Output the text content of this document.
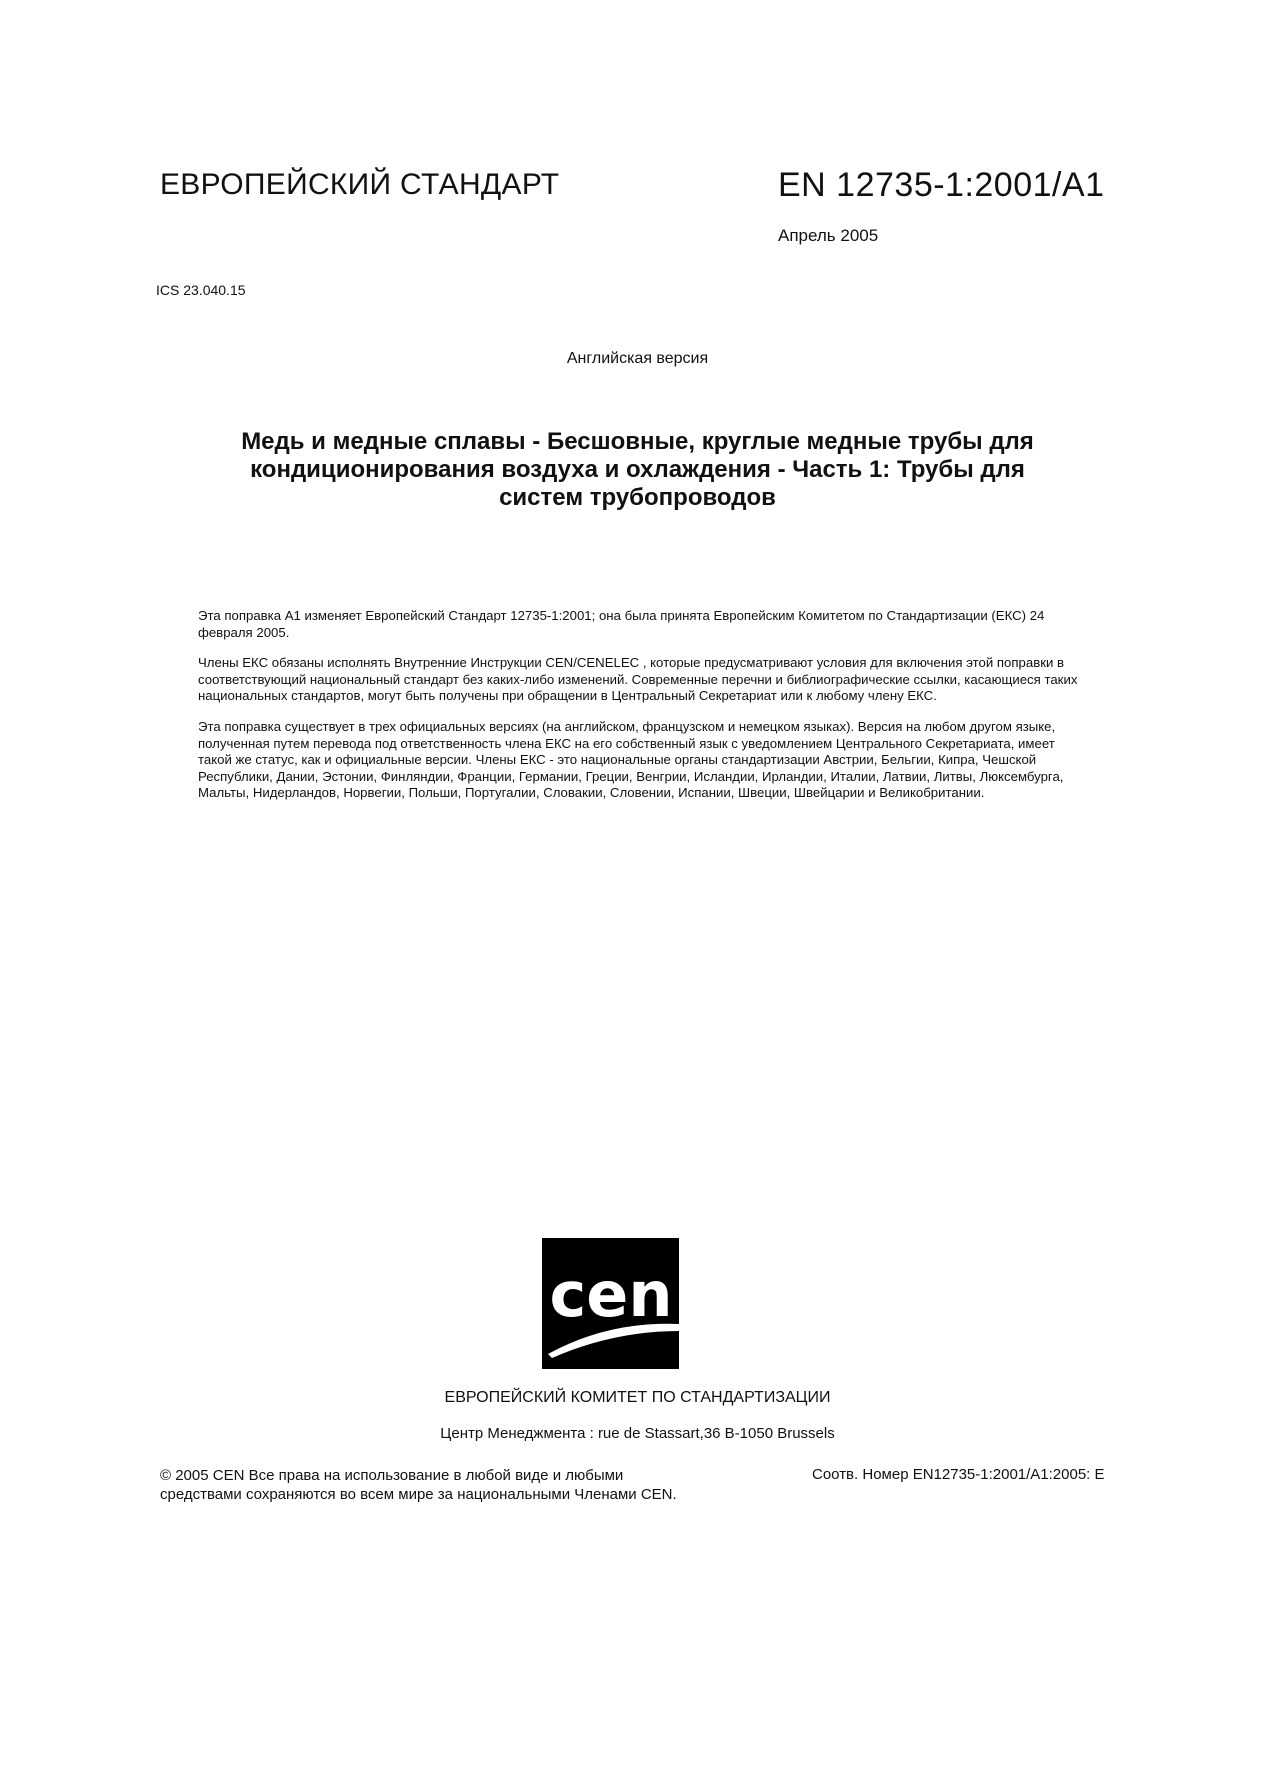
ЕВРОПЕЙСКИЙ СТАНДАРТ	EN 12735-1:2001/A1
Апрель 2005
ICS 23.040.15
Английская версия
Медь и медные сплавы - Бесшовные, круглые медные трубы для
кондиционирования воздуха и охлаждения - Часть 1: Трубы для
систем трубопроводов

Эта поправка А1 изменяет Европейский Стандарт 12735-1:2001; она была принята Европейским Комитетом по Стандартизации (ЕКС) 24 февраля 2005.

Члены ЕКС обязаны исполнять Внутренние Инструкции CEN/CENELEC , которые предусматривают условия для включения этой поправки в соответствующий национальный стандарт без каких-либо изменений. Современные перечни и библиографические ссылки, касающиеся таких национальных стандартов, могут быть получены при обращении в Центральный Секретариат или к любому члену ЕКС.

Эта поправка существует в трех официальных версиях (на английском, французском и немецком языках). Версия на любом другом языке, полученная путем перевода под ответственность члена ЕКС на его собственный язык с уведомлением Центрального Секретариата, имеет такой же статус, как и официальные версии. Члены ЕКС - это национальные органы стандартизации Австрии, Бельгии, Кипра, Чешской Республики, Дании, Эстонии, Финляндии, Франции, Германии, Греции, Венгрии, Исландии, Ирландии, Италии, Латвии, Литвы, Люксембурга, Мальты, Нидерландов, Норвегии, Польши, Португалии, Словакии, Словении, Испании, Швеции, Швейцарии и Великобритании.

cen
ЕВРОПЕЙСКИЙ КОМИТЕТ ПО СТАНДАРТИЗАЦИИ
Центр Менеджмента : rue de Stassart,36 B-1050 Brussels
© 2005 CEN Все права на использование в любой виде и любыми
средствами сохраняются во всем мире за национальными Членами CEN.
Соотв. Номер EN12735-1:2001/A1:2005: E
